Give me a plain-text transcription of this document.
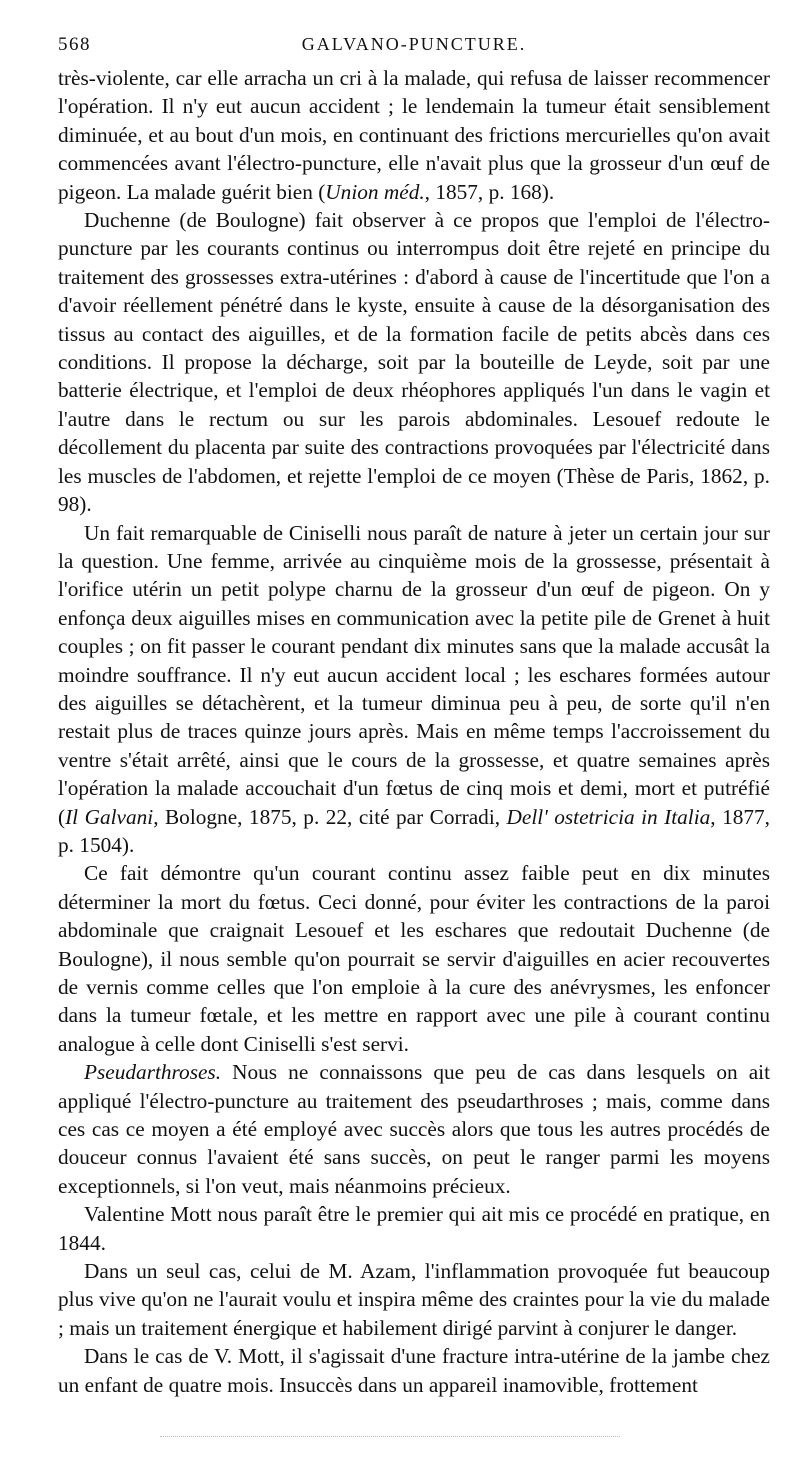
568	GALVANO-PUNCTURE.

très-violente, car elle arracha un cri à la malade, qui refusa de laisser recommencer l'opération. Il n'y eut aucun accident ; le lendemain la tumeur était sensiblement diminuée, et au bout d'un mois, en continuant des frictions mercurielles qu'on avait commencées avant l'électro-puncture, elle n'avait plus que la grosseur d'un œuf de pigeon. La malade guérit bien (Union méd., 1857, p. 168).

Duchenne (de Boulogne) fait observer à ce propos que l'emploi de l'électro-puncture par les courants continus ou interrompus doit être rejeté en principe du traitement des grossesses extra-utérines : d'abord à cause de l'incertitude que l'on a d'avoir réellement pénétré dans le kyste, ensuite à cause de la désorganisation des tissus au contact des aiguilles, et de la formation facile de petits abcès dans ces conditions. Il propose la décharge, soit par la bouteille de Leyde, soit par une batterie électrique, et l'emploi de deux rhéophores appliqués l'un dans le vagin et l'autre dans le rectum ou sur les parois abdominales. Lesouef redoute le décollement du placenta par suite des contractions provoquées par l'électricité dans les muscles de l'abdomen, et rejette l'emploi de ce moyen (Thèse de Paris, 1862, p. 98).

Un fait remarquable de Ciniselli nous paraît de nature à jeter un certain jour sur la question. Une femme, arrivée au cinquième mois de la grossesse, présentait à l'orifice utérin un petit polype charnu de la grosseur d'un œuf de pigeon. On y enfonça deux aiguilles mises en communication avec la petite pile de Grenet à huit couples ; on fit passer le courant pendant dix minutes sans que la malade accusât la moindre souffrance. Il n'y eut aucun accident local ; les eschares formées autour des aiguilles se détachèrent, et la tumeur diminua peu à peu, de sorte qu'il n'en restait plus de traces quinze jours après. Mais en même temps l'accroissement du ventre s'était arrêté, ainsi que le cours de la grossesse, et quatre semaines après l'opération la malade accouchait d'un fœtus de cinq mois et demi, mort et putréfié (Il Galvani, Bologne, 1875, p. 22, cité par Corradi, Dell' ostetricia in Italia, 1877, p. 1504).

Ce fait démontre qu'un courant continu assez faible peut en dix minutes déterminer la mort du fœtus. Ceci donné, pour éviter les contractions de la paroi abdominale que craignait Lesouef et les eschares que redoutait Duchenne (de Boulogne), il nous semble qu'on pourrait se servir d'aiguilles en acier recouvertes de vernis comme celles que l'on emploie à la cure des anévrysmes, les enfoncer dans la tumeur fœtale, et les mettre en rapport avec une pile à courant continu analogue à celle dont Ciniselli s'est servi.

Pseudarthroses. Nous ne connaissons que peu de cas dans lesquels on ait appliqué l'électro-puncture au traitement des pseudarthroses ; mais, comme dans ces cas ce moyen a été employé avec succès alors que tous les autres procédés de douceur connus l'avaient été sans succès, on peut le ranger parmi les moyens exceptionnels, si l'on veut, mais néanmoins précieux.

Valentine Mott nous paraît être le premier qui ait mis ce procédé en pratique, en 1844.

Dans un seul cas, celui de M. Azam, l'inflammation provoquée fut beaucoup plus vive qu'on ne l'aurait voulu et inspira même des craintes pour la vie du malade ; mais un traitement énergique et habilement dirigé parvint à conjurer le danger.

Dans le cas de V. Mott, il s'agissait d'une fracture intra-utérine de la jambe chez un enfant de quatre mois. Insuccès dans un appareil inamovible, frottement
